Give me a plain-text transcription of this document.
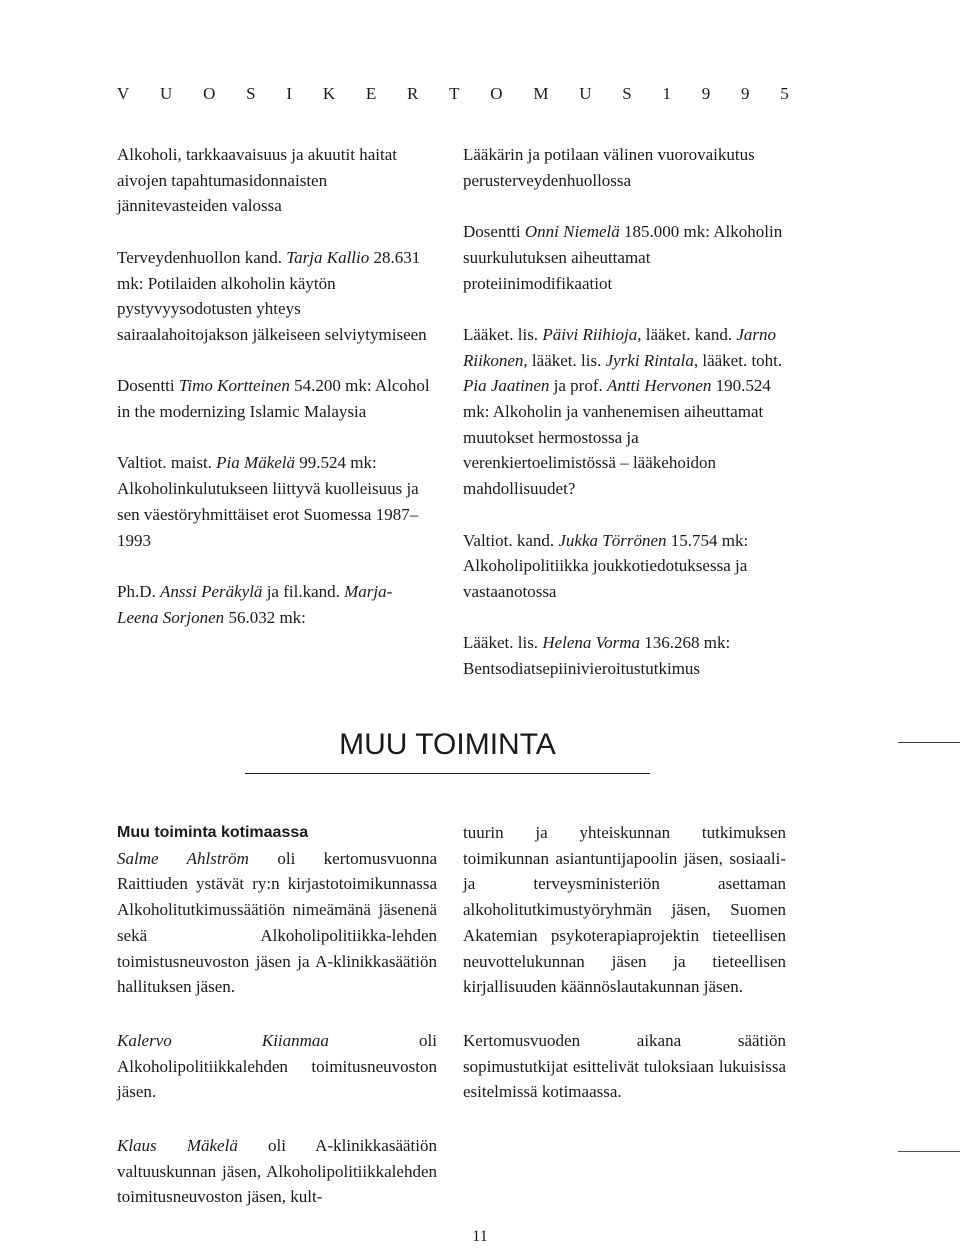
V U O S I K E R T O M U S 1 9 9 5

Alkoholi, tarkkaavaisuus ja akuutit haitat aivojen tapahtumasidonnaisten jännitevasteiden valossa

Terveydenhuollon kand. Tarja Kallio 28.631 mk: Potilaiden alkoholin käytön pystyvyysodotusten yhteys sairaalahoitojakson jälkeiseen selviytymiseen

Dosentti Timo Kortteinen 54.200 mk: Alcohol in the modernizing Islamic Malaysia

Valtiot. maist. Pia Mäkelä 99.524 mk: Alkoholinkulutukseen liittyvä kuolleisuus ja sen väestöryhmittäiset erot Suomessa 1987–1993

Ph.D. Anssi Peräkylä ja fil.kand. Marja-Leena Sorjonen 56.032 mk:

Lääkärin ja potilaan välinen vuorovaikutus perusterveydenhuollossa

Dosentti Onni Niemelä 185.000 mk: Alkoholin suurkulutuksen aiheuttamat proteiinimodifikaatiot

Lääket. lis. Päivi Riihioja, lääket. kand. Jarno Riikonen, lääket. lis. Jyrki Rintala, lääket. toht. Pia Jaatinen ja prof. Antti Hervonen 190.524 mk: Alkoholin ja vanhenemisen aiheuttamat muutokset hermostossa ja verenkiertoelimistössä – lääkehoidon mahdollisuudet?

Valtiot. kand. Jukka Törrönen 15.754 mk: Alkoholipolitiikka joukkotiedotuksessa ja vastaanotossa

Lääket. lis. Helena Vorma 136.268 mk: Bentsodiatsepiinivieroitustutkimus

MUU TOIMINTA

Muu toiminta kotimaassa

Salme Ahlström oli kertomusvuonna Raittiuden ystävät ry:n kirjastotoimikunnassa Alkoholitutkimussäätiön nimeämänä jäsenenä sekä Alkoholipolitiikka-lehden toimistusneuvoston jäsen ja A-klinikkasäätiön hallituksen jäsen.

Kalervo Kiianmaa oli Alkoholipolitiikkalehden toimitusneuvoston jäsen.

Klaus Mäkelä oli A-klinikkasäätiön valtuuskunnan jäsen, Alkoholipolitiikkalehden toimitusneuvoston jäsen, kult-

tuurin ja yhteiskunnan tutkimuksen toimikunnan asiantuntijapoolin jäsen, sosiaali- ja terveysministeriön asettaman alkoholitutkimustyöryhmän jäsen, Suomen Akatemian psykoterapiaprojektin tieteellisen neuvottelukunnan jäsen ja tieteellisen kirjallisuuden käännöslautakunnan jäsen.

Kertomusvuoden aikana säätiön sopimustutkijat esittelivät tuloksiaan lukuisissa esitelmissä kotimaassa.

11
